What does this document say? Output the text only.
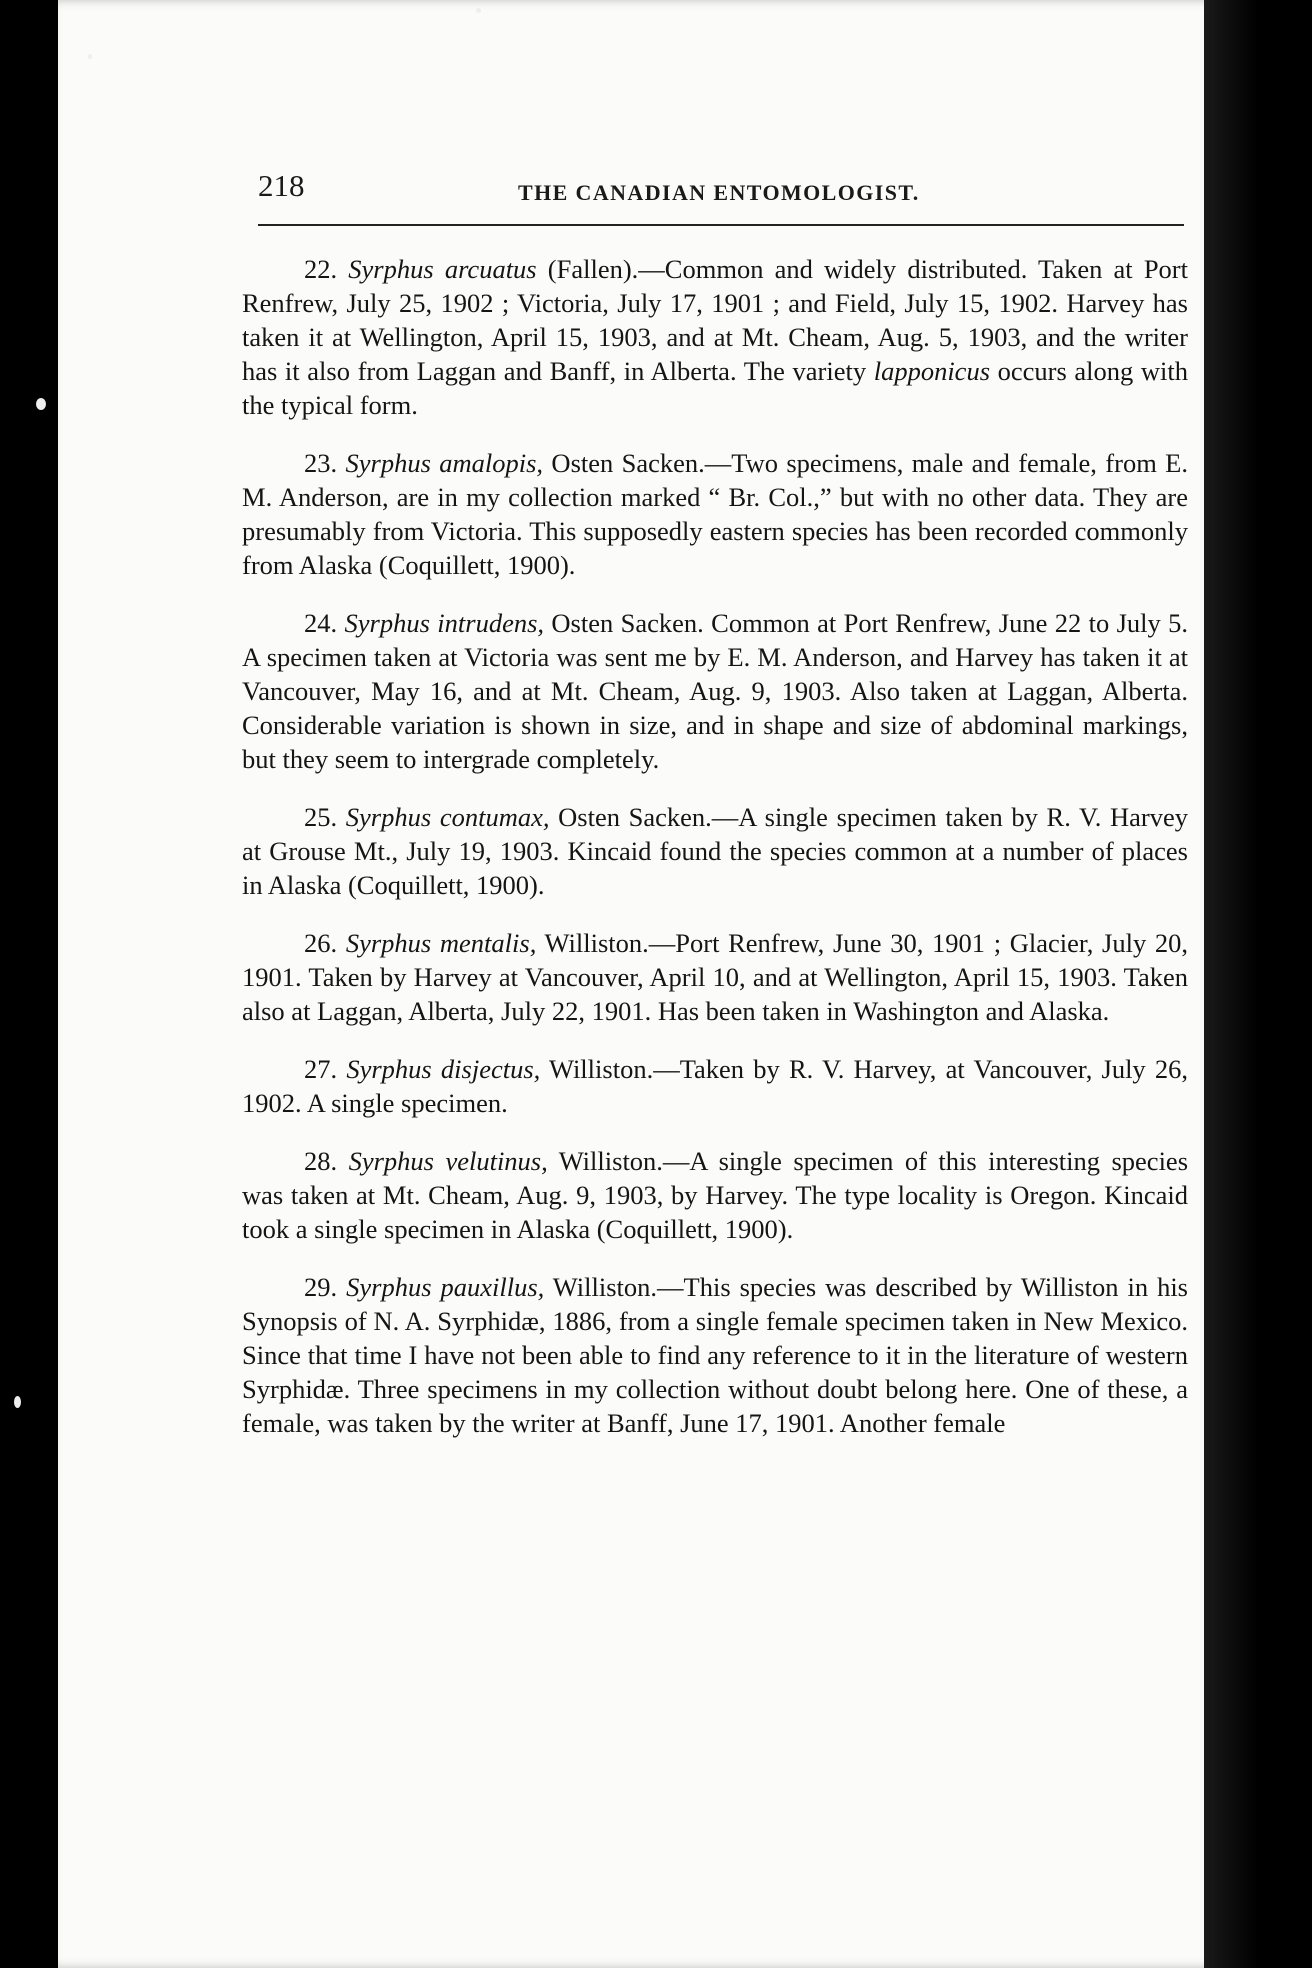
218	THE CANADIAN ENTOMOLOGIST.

22. Syrphus arcuatus (Fallen).—Common and widely distributed. Taken at Port Renfrew, July 25, 1902 ; Victoria, July 17, 1901 ; and Field, July 15, 1902. Harvey has taken it at Wellington, April 15, 1903, and at Mt. Cheam, Aug. 5, 1903, and the writer has it also from Laggan and Banff, in Alberta. The variety lapponicus occurs along with the typical form.

23. Syrphus amalopis, Osten Sacken.—Two specimens, male and female, from E. M. Anderson, are in my collection marked “ Br. Col.,” but with no other data. They are presumably from Victoria. This supposedly eastern species has been recorded commonly from Alaska (Coquillett, 1900).

24. Syrphus intrudens, Osten Sacken. Common at Port Renfrew, June 22 to July 5. A specimen taken at Victoria was sent me by E. M. Anderson, and Harvey has taken it at Vancouver, May 16, and at Mt. Cheam, Aug. 9, 1903. Also taken at Laggan, Alberta. Considerable variation is shown in size, and in shape and size of abdominal markings, but they seem to intergrade completely.

25. Syrphus contumax, Osten Sacken.—A single specimen taken by R. V. Harvey at Grouse Mt., July 19, 1903. Kincaid found the species common at a number of places in Alaska (Coquillett, 1900).

26. Syrphus mentalis, Williston.—Port Renfrew, June 30, 1901 ; Glacier, July 20, 1901. Taken by Harvey at Vancouver, April 10, and at Wellington, April 15, 1903. Taken also at Laggan, Alberta, July 22, 1901. Has been taken in Washington and Alaska.

27. Syrphus disjectus, Williston.—Taken by R. V. Harvey, at Vancouver, July 26, 1902. A single specimen.

28. Syrphus velutinus, Williston.—A single specimen of this interesting species was taken at Mt. Cheam, Aug. 9, 1903, by Harvey. The type locality is Oregon. Kincaid took a single specimen in Alaska (Coquillett, 1900).

29. Syrphus pauxillus, Williston.—This species was described by Williston in his Synopsis of N. A. Syrphidæ, 1886, from a single female specimen taken in New Mexico. Since that time I have not been able to find any reference to it in the literature of western Syrphidæ. Three specimens in my collection without doubt belong here. One of these, a female, was taken by the writer at Banff, June 17, 1901. Another female
